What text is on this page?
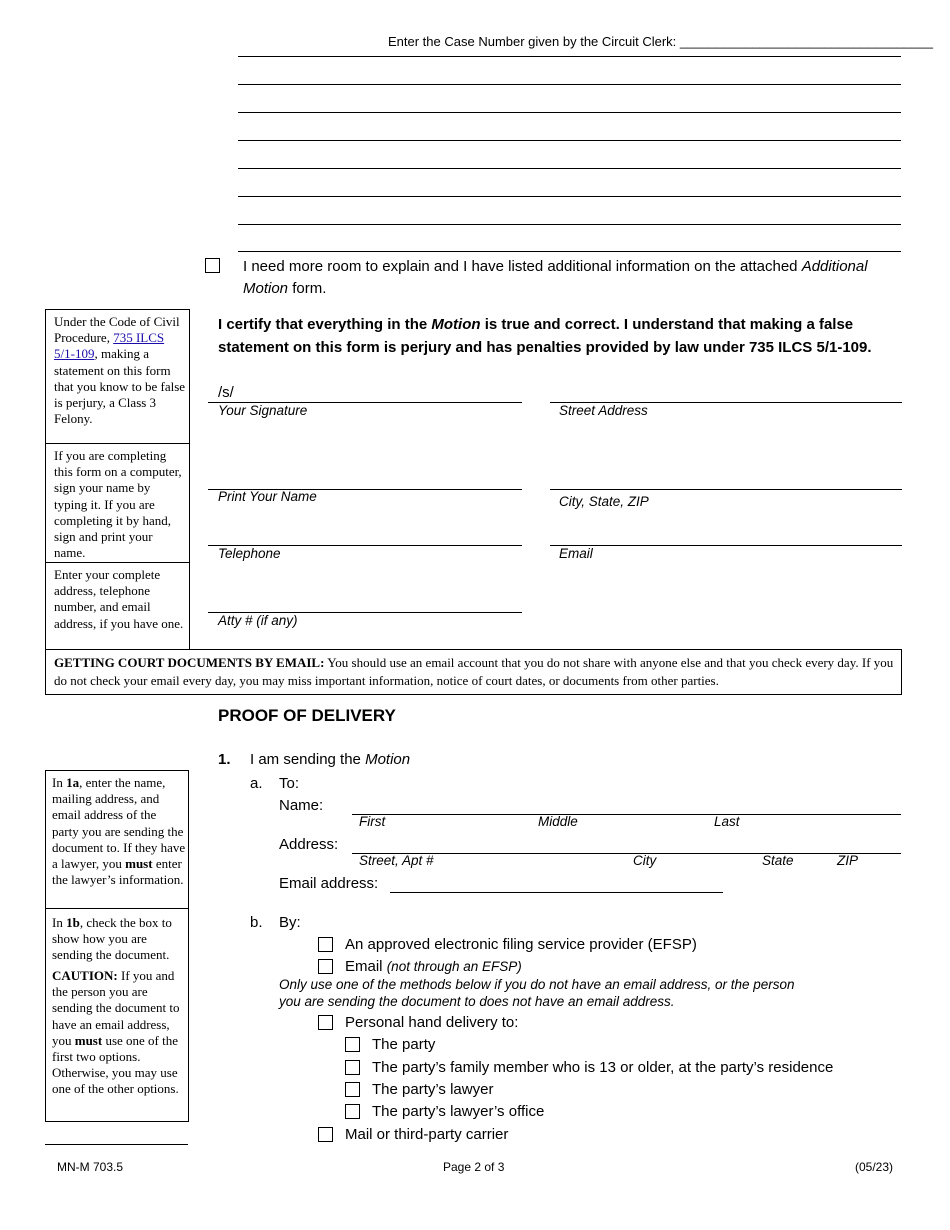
Enter the Case Number given by the Circuit Clerk: ___________________________________
I need more room to explain and I have listed additional information on the attached Additional Motion form.
Under the Code of Civil Procedure, 735 ILCS 5/1-109, making a statement on this form that you know to be false is perjury, a Class 3 Felony.
If you are completing this form on a computer, sign your name by typing it. If you are completing it by hand, sign and print your name.
Enter your complete address, telephone number, and email address, if you have one.
I certify that everything in the Motion is true and correct. I understand that making a false statement on this form is perjury and has penalties provided by law under 735 ILCS 5/1-109.
/s/
Your Signature	Street Address
Print Your Name	City, State, ZIP
Telephone	Email
Atty # (if any)
GETTING COURT DOCUMENTS BY EMAIL: You should use an email account that you do not share with anyone else and that you check every day. If you do not check your email every day, you may miss important information, notice of court dates, or documents from other parties.
PROOF OF DELIVERY
1. I am sending the Motion
In 1a, enter the name, mailing address, and email address of the party you are sending the document to. If they have a lawyer, you must enter the lawyer’s information.
In 1b, check the box to show how you are sending the document.
CAUTION: If you and the person you are sending the document to have an email address, you must use one of the first two options. Otherwise, you may use one of the other options.
a. To:
Name:
First	Middle	Last
Address:
Street, Apt #	City	State	ZIP
Email address:
b. By:
An approved electronic filing service provider (EFSP)
Email (not through an EFSP)
Only use one of the methods below if you do not have an email address, or the person you are sending the document to does not have an email address.
Personal hand delivery to:
The party
The party’s family member who is 13 or older, at the party’s residence
The party’s lawyer
The party’s lawyer’s office
Mail or third-party carrier
MN-M 703.5	Page 2 of 3	(05/23)
